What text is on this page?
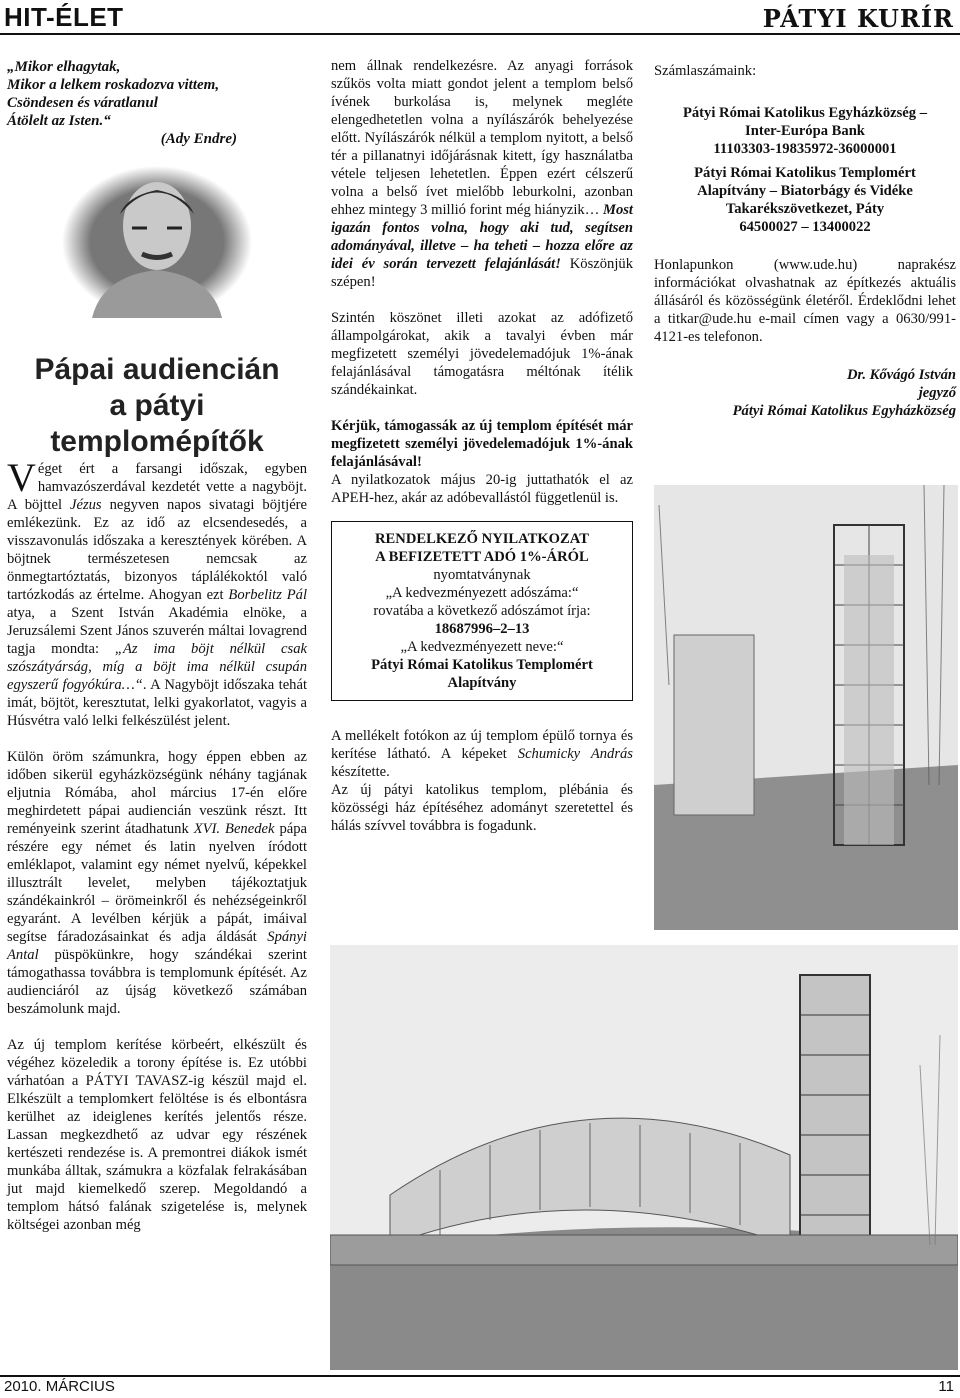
HIT-ÉLET	PÁTYI KURÍR
„Mikor elhagytak,
Mikor a lelkem roskadozva vittem,
Csöndesen és váratlanul
Átölelt az Isten.“
(Ady Endre)
Pápai audiencián
a pátyi templomépítők

Véget ért a farsangi időszak, egyben hamvazószerdával kezdetét vette a nagyböjt. A böjttel Jézus negyven napos sivatagi böjtjére emlékezünk. Ez az idő az elcsendesedés, a visszavonulás időszaka a keresztények körében. A böjtnek természetesen nemcsak az önmegtartóztatás, bizonyos táplálékoktól való tartózkodás az értelme. Ahogyan ezt Borbelitz Pál atya, a Szent István Akadémia elnöke, a Jeruzsálemi Szent János szuverén máltai lovagrend tagja mondta: „Az ima böjt nélkül csak szószátyárság, míg a böjt ima nélkül csupán egyszerű fogyókúra…“. A Nagyböjt időszaka tehát imát, böjtöt, keresztutat, lelki gyakorlatot, vagyis a Húsvétra való lelki felkészülést jelent.

Külön öröm számunkra, hogy éppen ebben az időben sikerül egyházközségünk néhány tagjának eljutnia Rómába, ahol március 17-én előre meghirdetett pápai audiencián veszünk részt. Itt reményeink szerint átadhatunk XVI. Benedek pápa részére egy német és latin nyelven íródott emléklapot, valamint egy német nyelvű, képekkel illusztrált levelet, melyben tájékoztatjuk szándékainkról – örömeinkről és nehézségeinkről egyaránt. A levélben kérjük a pápát, imáival segítse fáradozásainkat és adja áldását Spányi Antal püspökünkre, hogy szándékai szerint támogathassa továbbra is templomunk építését. Az audienciáról az újság következő számában beszámolunk majd.

Az új templom kerítése körbeért, elkészült és végéhez közeledik a torony építése is. Ez utóbbi várhatóan a PÁTYI TAVASZ-ig készül majd el. Elkészült a templomkert felöltése is és elbontásra kerülhet az ideiglenes kerítés jelentős része. Lassan megkezdhető az udvar egy részének kertészeti rendezése is. A premontrei diákok ismét munkába álltak, számukra a közfalak felrakásában jut majd kiemelkedő szerep. Megoldandó a templom hátsó falának szigetelése is, melynek költségei azonban még

nem állnak rendelkezésre. Az anyagi források szűkös volta miatt gondot jelent a templom belső ívének burkolása is, melynek megléte elengedhetetlen volna a nyílászárók behelyezése előtt. Nyílászárók nélkül a templom nyitott, a belső tér a pillanatnyi időjárásnak kitett, így használatba vétele teljesen lehetetlen. Éppen ezért célszerű volna a belső ívet mielőbb leburkolni, azonban ehhez mintegy 3 millió forint még hiányzik… Most igazán fontos volna, hogy aki tud, segítsen adományával, illetve – ha teheti – hozza előre az idei év során tervezett felajánlását! Köszönjük szépen!

Szintén köszönet illeti azokat az adófizető állampolgárokat, akik a tavalyi évben már megfizetett személyi jövedelemadójuk 1%-ának felajánlásával támogatásra méltónak ítélik szándékainkat.

Kérjük, támogassák az új templom építését már megfizetett személyi jövedelemadójuk 1%-ának felajánlásával!

A nyilatkozatok május 20-ig juttathatók el az APEH-hez, akár az adóbevallástól függetlenül is.

RENDELKEZŐ NYILATKOZAT
A BEFIZETETT ADÓ 1%-ÁRÓL
nyomtatványnak
„A kedvezményezett adószáma:“
rovatába a következő adószámot írja:
18687996–2–13
„A kedvezményezett neve:“
Pátyi Római Katolikus Templomért
Alapítvány

A mellékelt fotókon az új templom épülő tornya és kerítése látható. A képeket Schumicky András készítette.

Az új pátyi katolikus templom, plébánia és közösségi ház építéséhez adományt szeretettel és hálás szívvel továbbra is fogadunk.

Számlaszámaink:

Pátyi Római Katolikus Egyházközség –
Inter-Európa Bank
11103303-19835972-36000001
Pátyi Római Katolikus Templomért
Alapítvány – Biatorbágy és Vidéke
Takarékszövetkezet, Páty
64500027 – 13400022

Honlapunkon (www.ude.hu) naprakész információkat olvashatnak az építkezés aktuális állásáról és közösségünk életéről. Érdeklődni lehet a titkar@ude.hu e-mail címen vagy a 0630/991-4121-es telefonon.

Dr. Kővágó István
jegyző
Pátyi Római Katolikus Egyházközség
2010. MÁRCIUS	11
